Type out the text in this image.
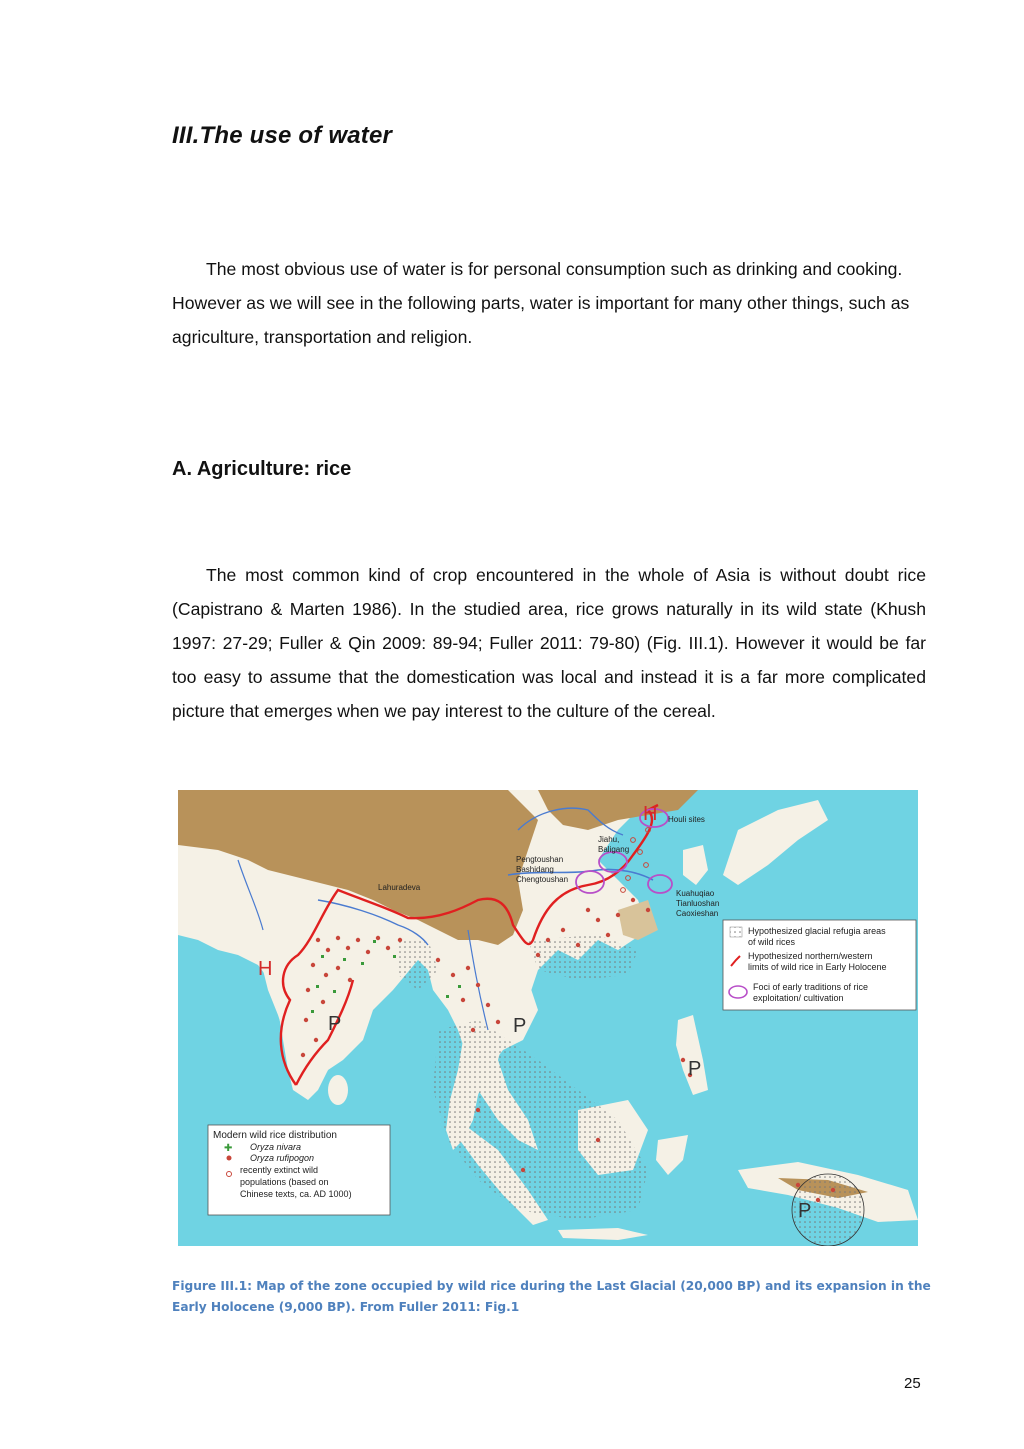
III.The use of water

The most obvious use of water is for personal consumption such as drinking and cooking. However as we will see in the following parts, water is important for many other things, such as agriculture, transportation and religion.

A. Agriculture: rice

The most common kind of crop encountered in the whole of Asia is without doubt rice (Capistrano & Marten 1986). In the studied area, rice grows naturally in its wild state (Khush 1997: 27-29; Fuller & Qin 2009: 89-94; Fuller 2011: 79-80) (Fig. III.1). However it would be far too easy to assume that the domestication was local and instead it is a far more complicated picture that emerges when we pay interest to the culture of the cereal.

Houli sites
Jiahu,
Baligang
Pengtoushan
Bashidang
Chengtoushan
Lahuradeva
Kuahuqiao
Tianluoshan
Caoxieshan
H
H
P	P
P
P
Hypothesized glacial refugia areas
of wild rices
Hypothesized northern/western
limits of wild rice in Early Holocene
Foci of early traditions of rice
exploitation/ cultivation
Modern wild rice distribution
✚ Oryza nivara
Oryza rufipogon
recently extinct wild
populations (based on
Chinese texts, ca. AD 1000)

Figure III.1: Map of the zone occupied by wild rice during the Last Glacial (20,000 BP) and its expansion in the Early Holocene (9,000 BP). From Fuller 2011: Fig.1

25
